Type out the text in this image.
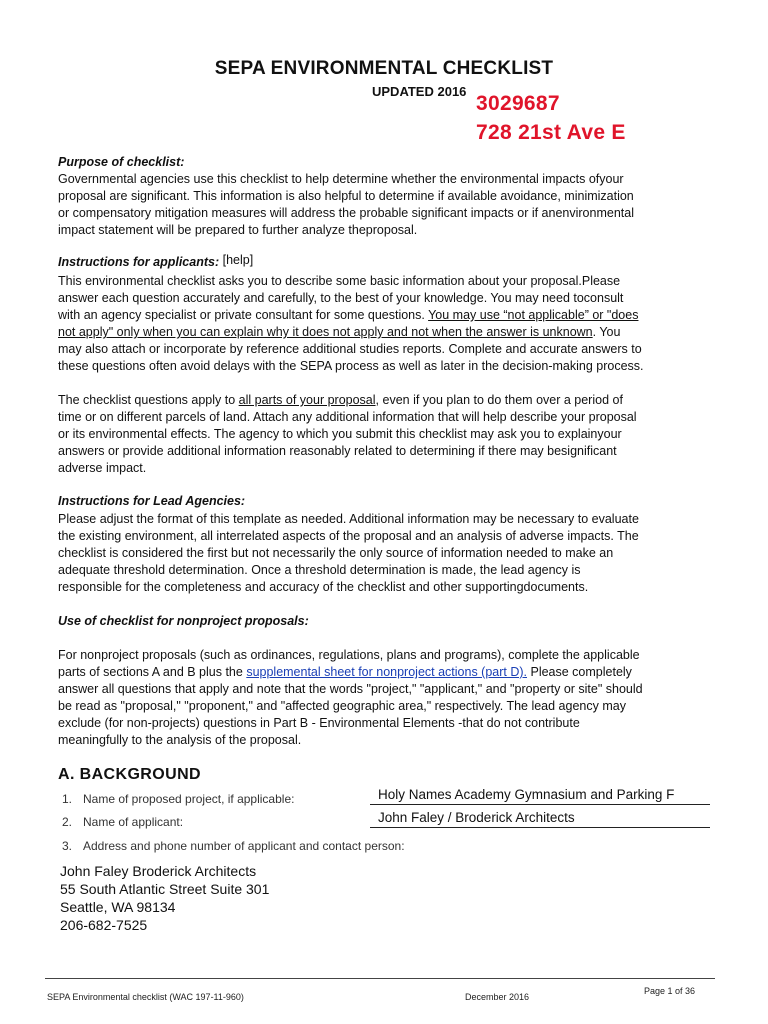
SEPA ENVIRONMENTAL CHECKLIST
UPDATED 2016
3029687
728 21st Ave E
Purpose of checklist:

Governmental agencies use this checklist to help determine whether the environmental impacts ofyour

proposal are significant. This information is also helpful to determine if available avoidance, minimization

or compensatory mitigation measures will address the probable significant impacts or if anenvironmental

impact statement will be prepared to further analyze theproposal.

Instructions for applicants: [help]

This environmental checklist asks you to describe some basic information about your proposal.Please

answer each question accurately and carefully, to the best of your knowledge. You may need toconsult

with an agency specialist or private consultant for some questions. You may use “not applicable” or "does

not apply" only when you can explain why it does not apply and not when the answer is unknown. You

may also attach or incorporate by reference additional studies reports. Complete and accurate answers to

these questions often avoid delays with the SEPA process as well as later in the decision-making process.

The checklist questions apply to all parts of your proposal, even if you plan to do them over a period of

time or on different parcels of land. Attach any additional information that will help describe your proposal

or its environmental effects. The agency to which you submit this checklist may ask you to explainyour

answers or provide additional information reasonably related to determining if there may besignificant

adverse impact.

Instructions for Lead Agencies:

Please adjust the format of this template as needed. Additional information may be necessary to evaluate

the existing environment, all interrelated aspects of the proposal and an analysis of adverse impacts. The

checklist is considered the first but not necessarily the only source of information needed to make an

adequate threshold determination. Once a threshold determination is made, the lead agency is

responsible for the completeness and accuracy of the checklist and other supportingdocuments.

Use of checklist for nonproject proposals:

For nonproject proposals (such as ordinances, regulations, plans and programs), complete the applicable

parts of sections A and B plus the supplemental sheet for nonproject actions (part D). Please completely

answer all questions that apply and note that the words "project," "applicant," and "property or site" should

be read as "proposal," "proponent," and "affected geographic area," respectively. The lead agency may

exclude (for non-projects) questions in Part B - Environmental Elements -that do not contribute

meaningfully to the analysis of the proposal.

A. BACKGROUND
1. Name of proposed project, if applicable:	Holy Names Academy Gymnasium and Parking F
2. Name of applicant:	John Faley / Broderick Architects
3. Address and phone number of applicant and contact person:
John Faley Broderick Architects
55 South Atlantic Street Suite 301
Seattle, WA 98134
206-682-7525
SEPA Environmental checklist (WAC 197-11-960)	December 2016
Page 1 of 36
